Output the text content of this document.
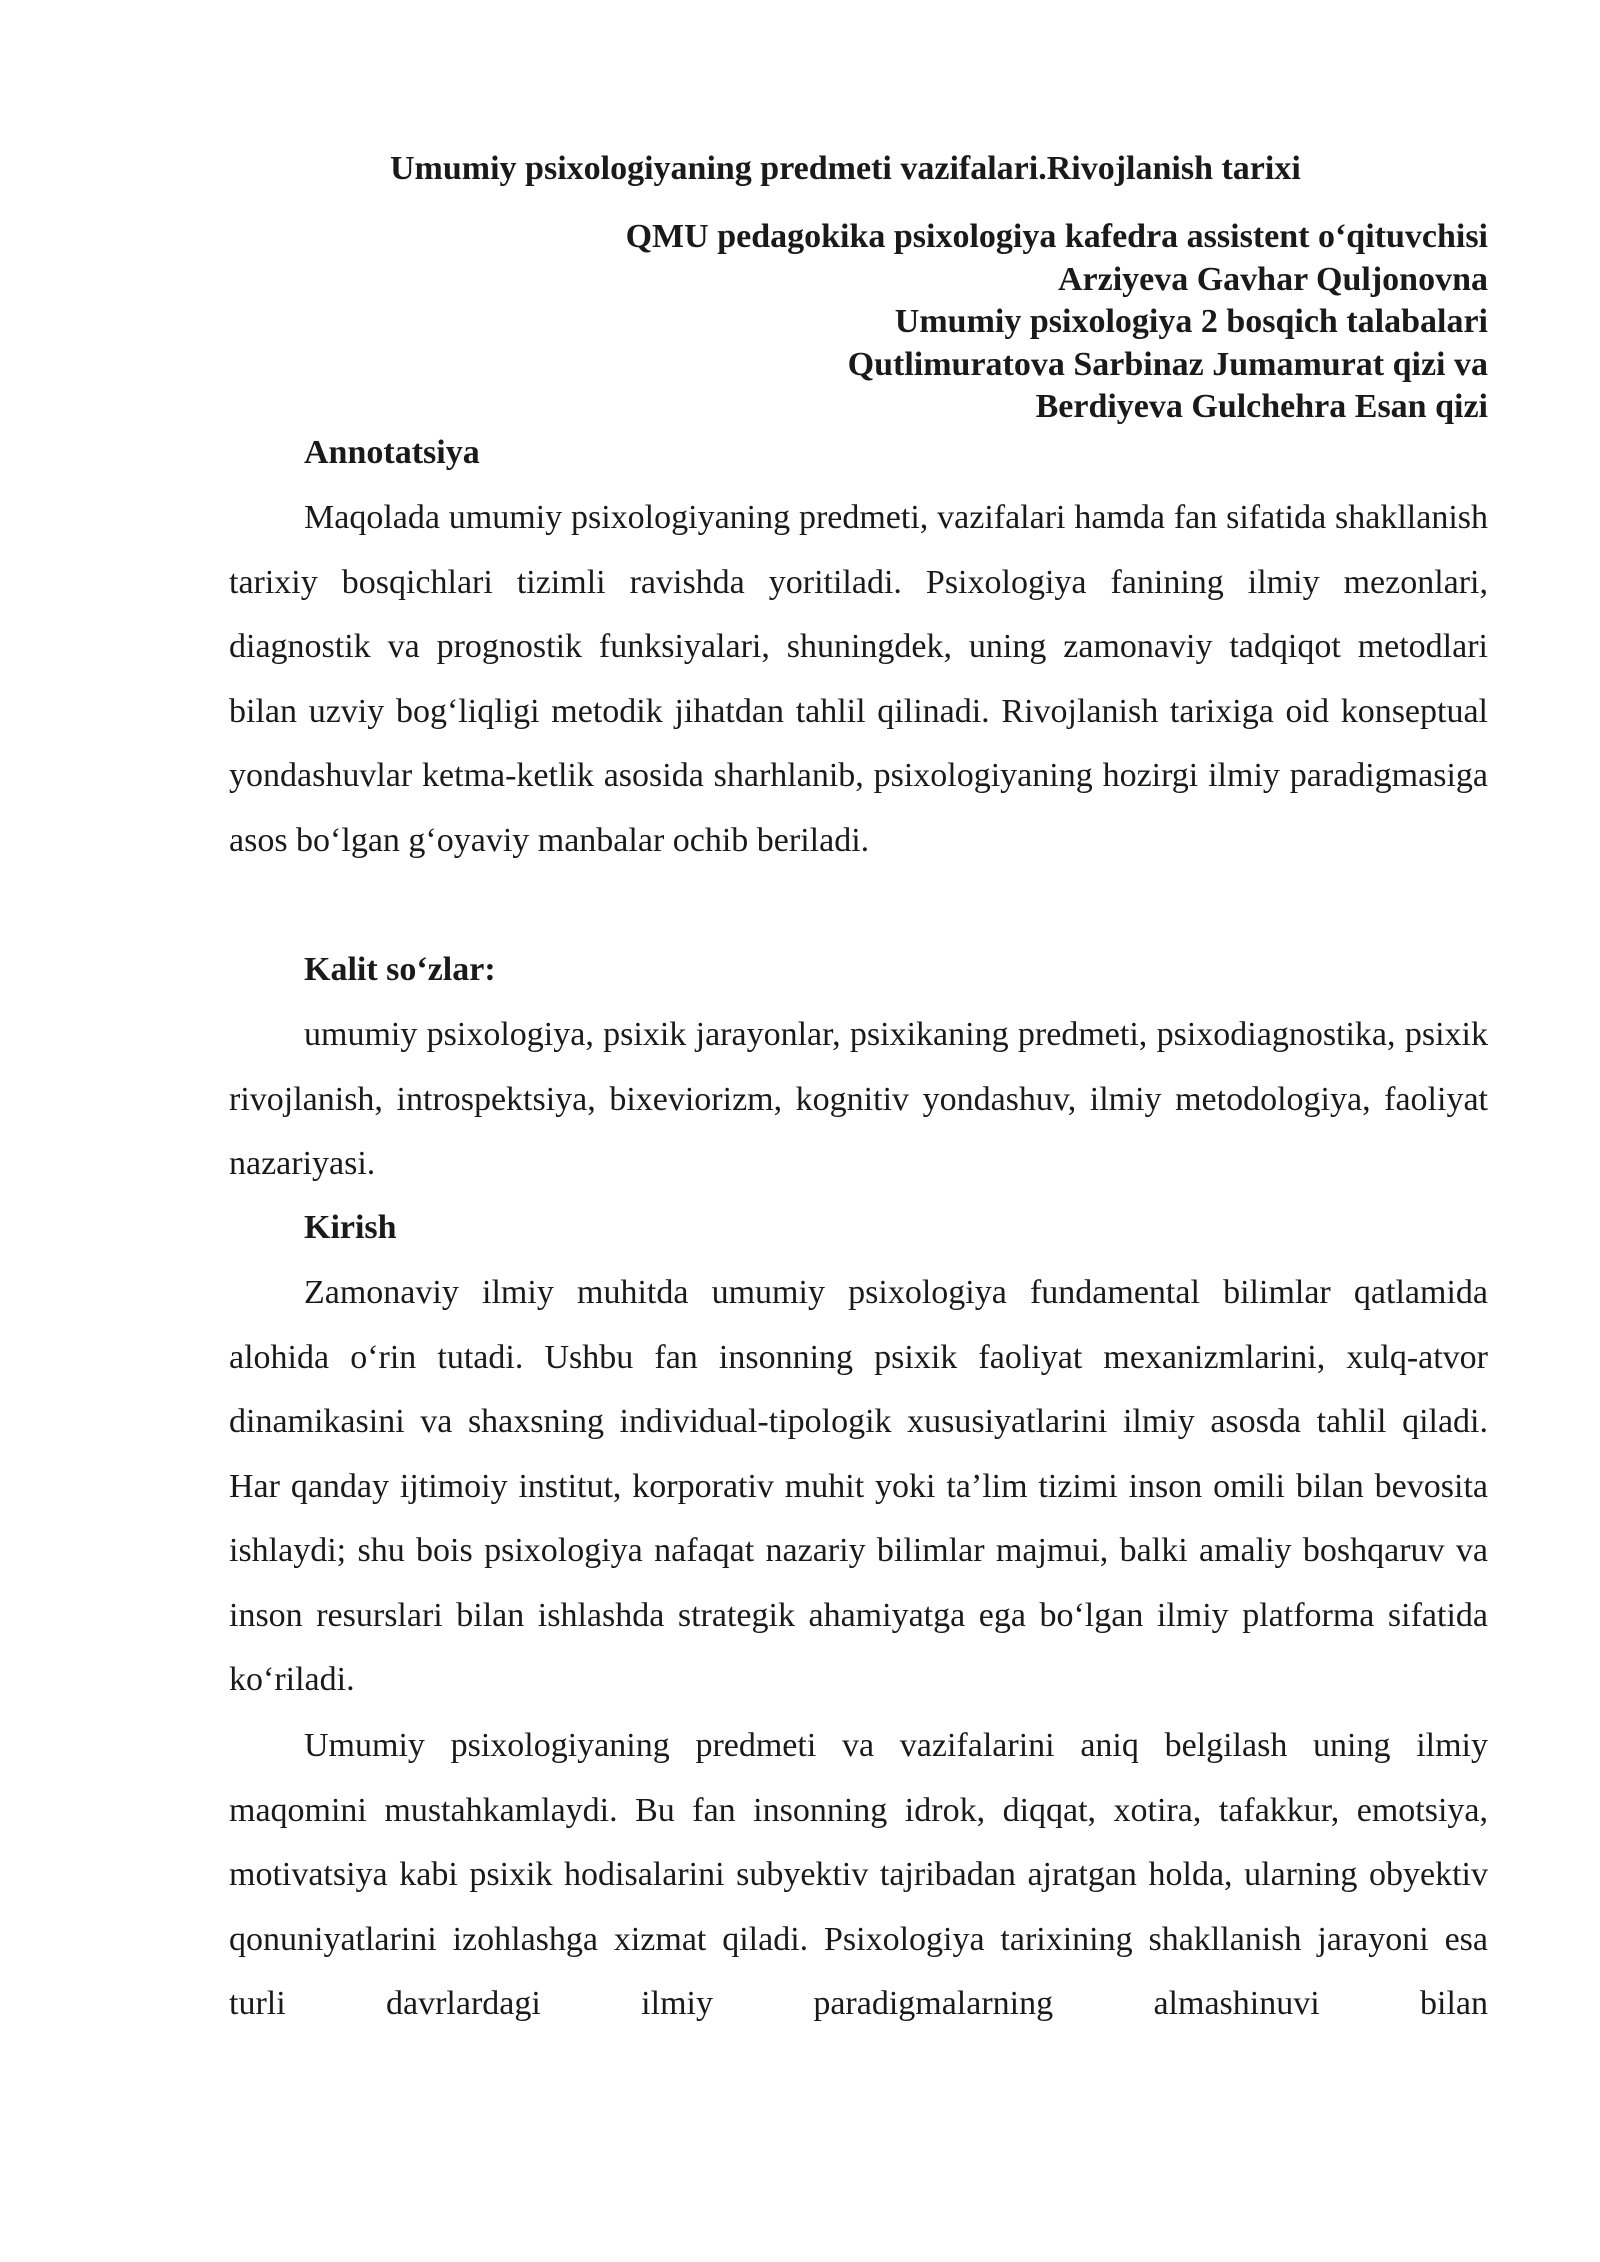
Umumiy psixologiyaning predmeti vazifalari.Rivojlanish tarixi
QMU pedagokika psixologiya kafedra assistent o‘qituvchisi
Arziyeva Gavhar Quljonovna
Umumiy psixologiya 2 bosqich talabalari
Qutlimuratova Sarbinaz Jumamurat qizi va
Berdiyeva Gulchehra Esan qizi
Annotatsiya

Maqolada umumiy psixologiyaning predmeti, vazifalari hamda fan sifatida shakllanish tarixiy bosqichlari tizimli ravishda yoritiladi. Psixologiya fanining ilmiy mezonlari, diagnostik va prognostik funksiyalari, shuningdek, uning zamonaviy tadqiqot metodlari bilan uzviy bog‘liqligi metodik jihatdan tahlil qilinadi. Rivojlanish tarixiga oid konseptual yondashuvlar ketma-ketlik asosida sharhlanib, psixologiyaning hozirgi ilmiy paradigmasiga asos bo‘lgan g‘oyaviy manbalar ochib beriladi.

Kalit so‘zlar:

umumiy psixologiya, psixik jarayonlar, psixikaning predmeti, psixodiagnostika, psixik rivojlanish, introspektsiya, bixeviorizm, kognitiv yondashuv, ilmiy metodologiya, faoliyat nazariyasi.

Kirish

Zamonaviy ilmiy muhitda umumiy psixologiya fundamental bilimlar qatlamida alohida o‘rin tutadi. Ushbu fan insonning psixik faoliyat mexanizmlarini, xulq-atvor dinamikasini va shaxsning individual-tipologik xususiyatlarini ilmiy asosda tahlil qiladi. Har qanday ijtimoiy institut, korporativ muhit yoki ta’lim tizimi inson omili bilan bevosita ishlaydi; shu bois psixologiya nafaqat nazariy bilimlar majmui, balki amaliy boshqaruv va inson resurslari bilan ishlashda strategik ahamiyatga ega bo‘lgan ilmiy platforma sifatida ko‘riladi.

Umumiy psixologiyaning predmeti va vazifalarini aniq belgilash uning ilmiy maqomini mustahkamlaydi. Bu fan insonning idrok, diqqat, xotira, tafakkur, emotsiya, motivatsiya kabi psixik hodisalarini subyektiv tajribadan ajratgan holda, ularning obyektiv qonuniyatlarini izohlashga xizmat qiladi. Psixologiya tarixining shakllanish jarayoni esa turli davrlardagi ilmiy paradigmalarning almashinuvi bilan
